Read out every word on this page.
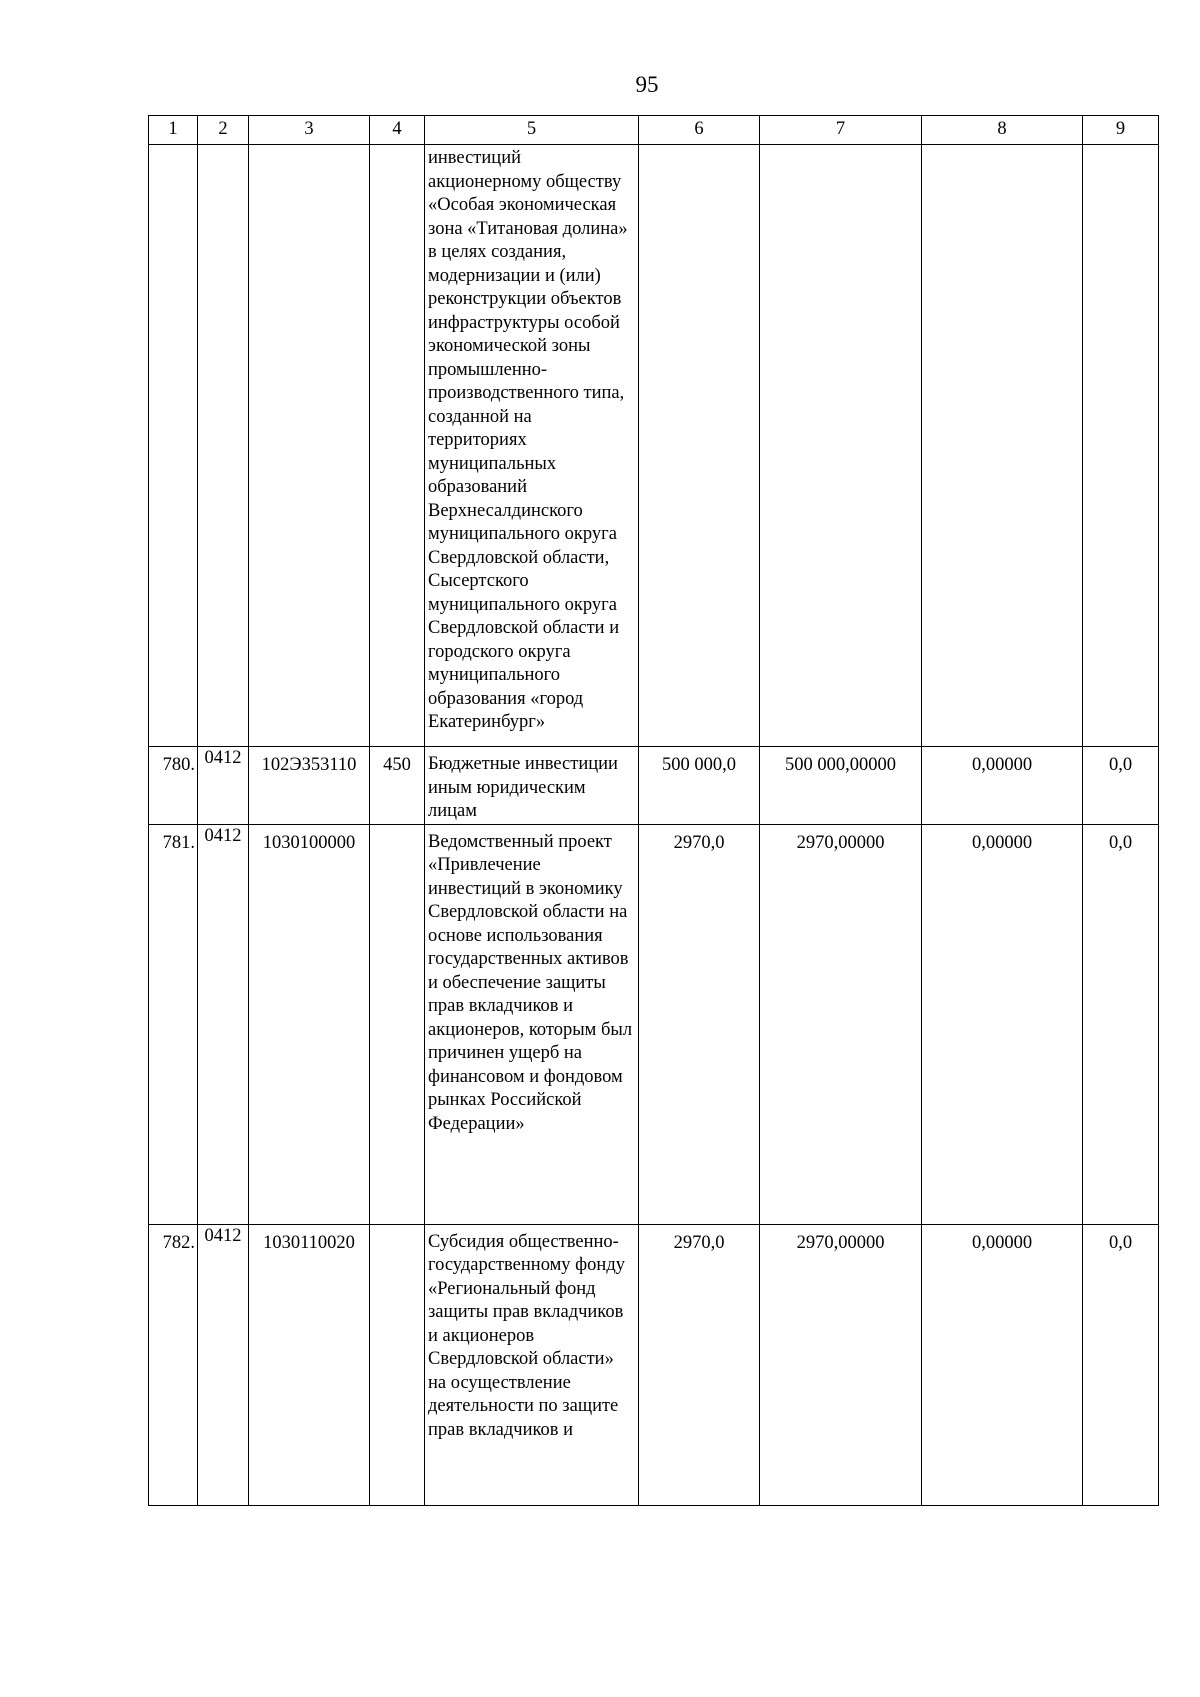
95
1	2	3	4	5	6	7	8	9
				инвестиций акционерному обществу «Особая экономическая зона «Титановая долина» в целях создания, модернизации и (или) реконструкции объектов инфраструктуры особой экономической зоны промышленно-производственного типа, созданной на территориях муниципальных образований Верхнесалдинского муниципального округа Свердловской области, Сысертского муниципального округа Свердловской области и городского округа муниципального образования «город Екатеринбург»				
780.	0412	102Э353110	450	Бюджетные инвестиции иным юридическим лицам	500 000,0	500 000,00000	0,00000	0,0
781.	0412	1030100000		Ведомственный проект «Привлечение инвестиций в экономику Свердловской области на основе использования государственных активов и обеспечение защиты прав вкладчиков и акционеров, которым был причинен ущерб на финансовом и фондовом рынках Российской Федерации»	2970,0	2970,00000	0,00000	0,0
782.	0412	1030110020		Субсидия общественно-государственному фонду «Региональный фонд защиты прав вкладчиков и акционеров Свердловской области» на осуществление деятельности по защите прав вкладчиков и	2970,0	2970,00000	0,00000	0,0
